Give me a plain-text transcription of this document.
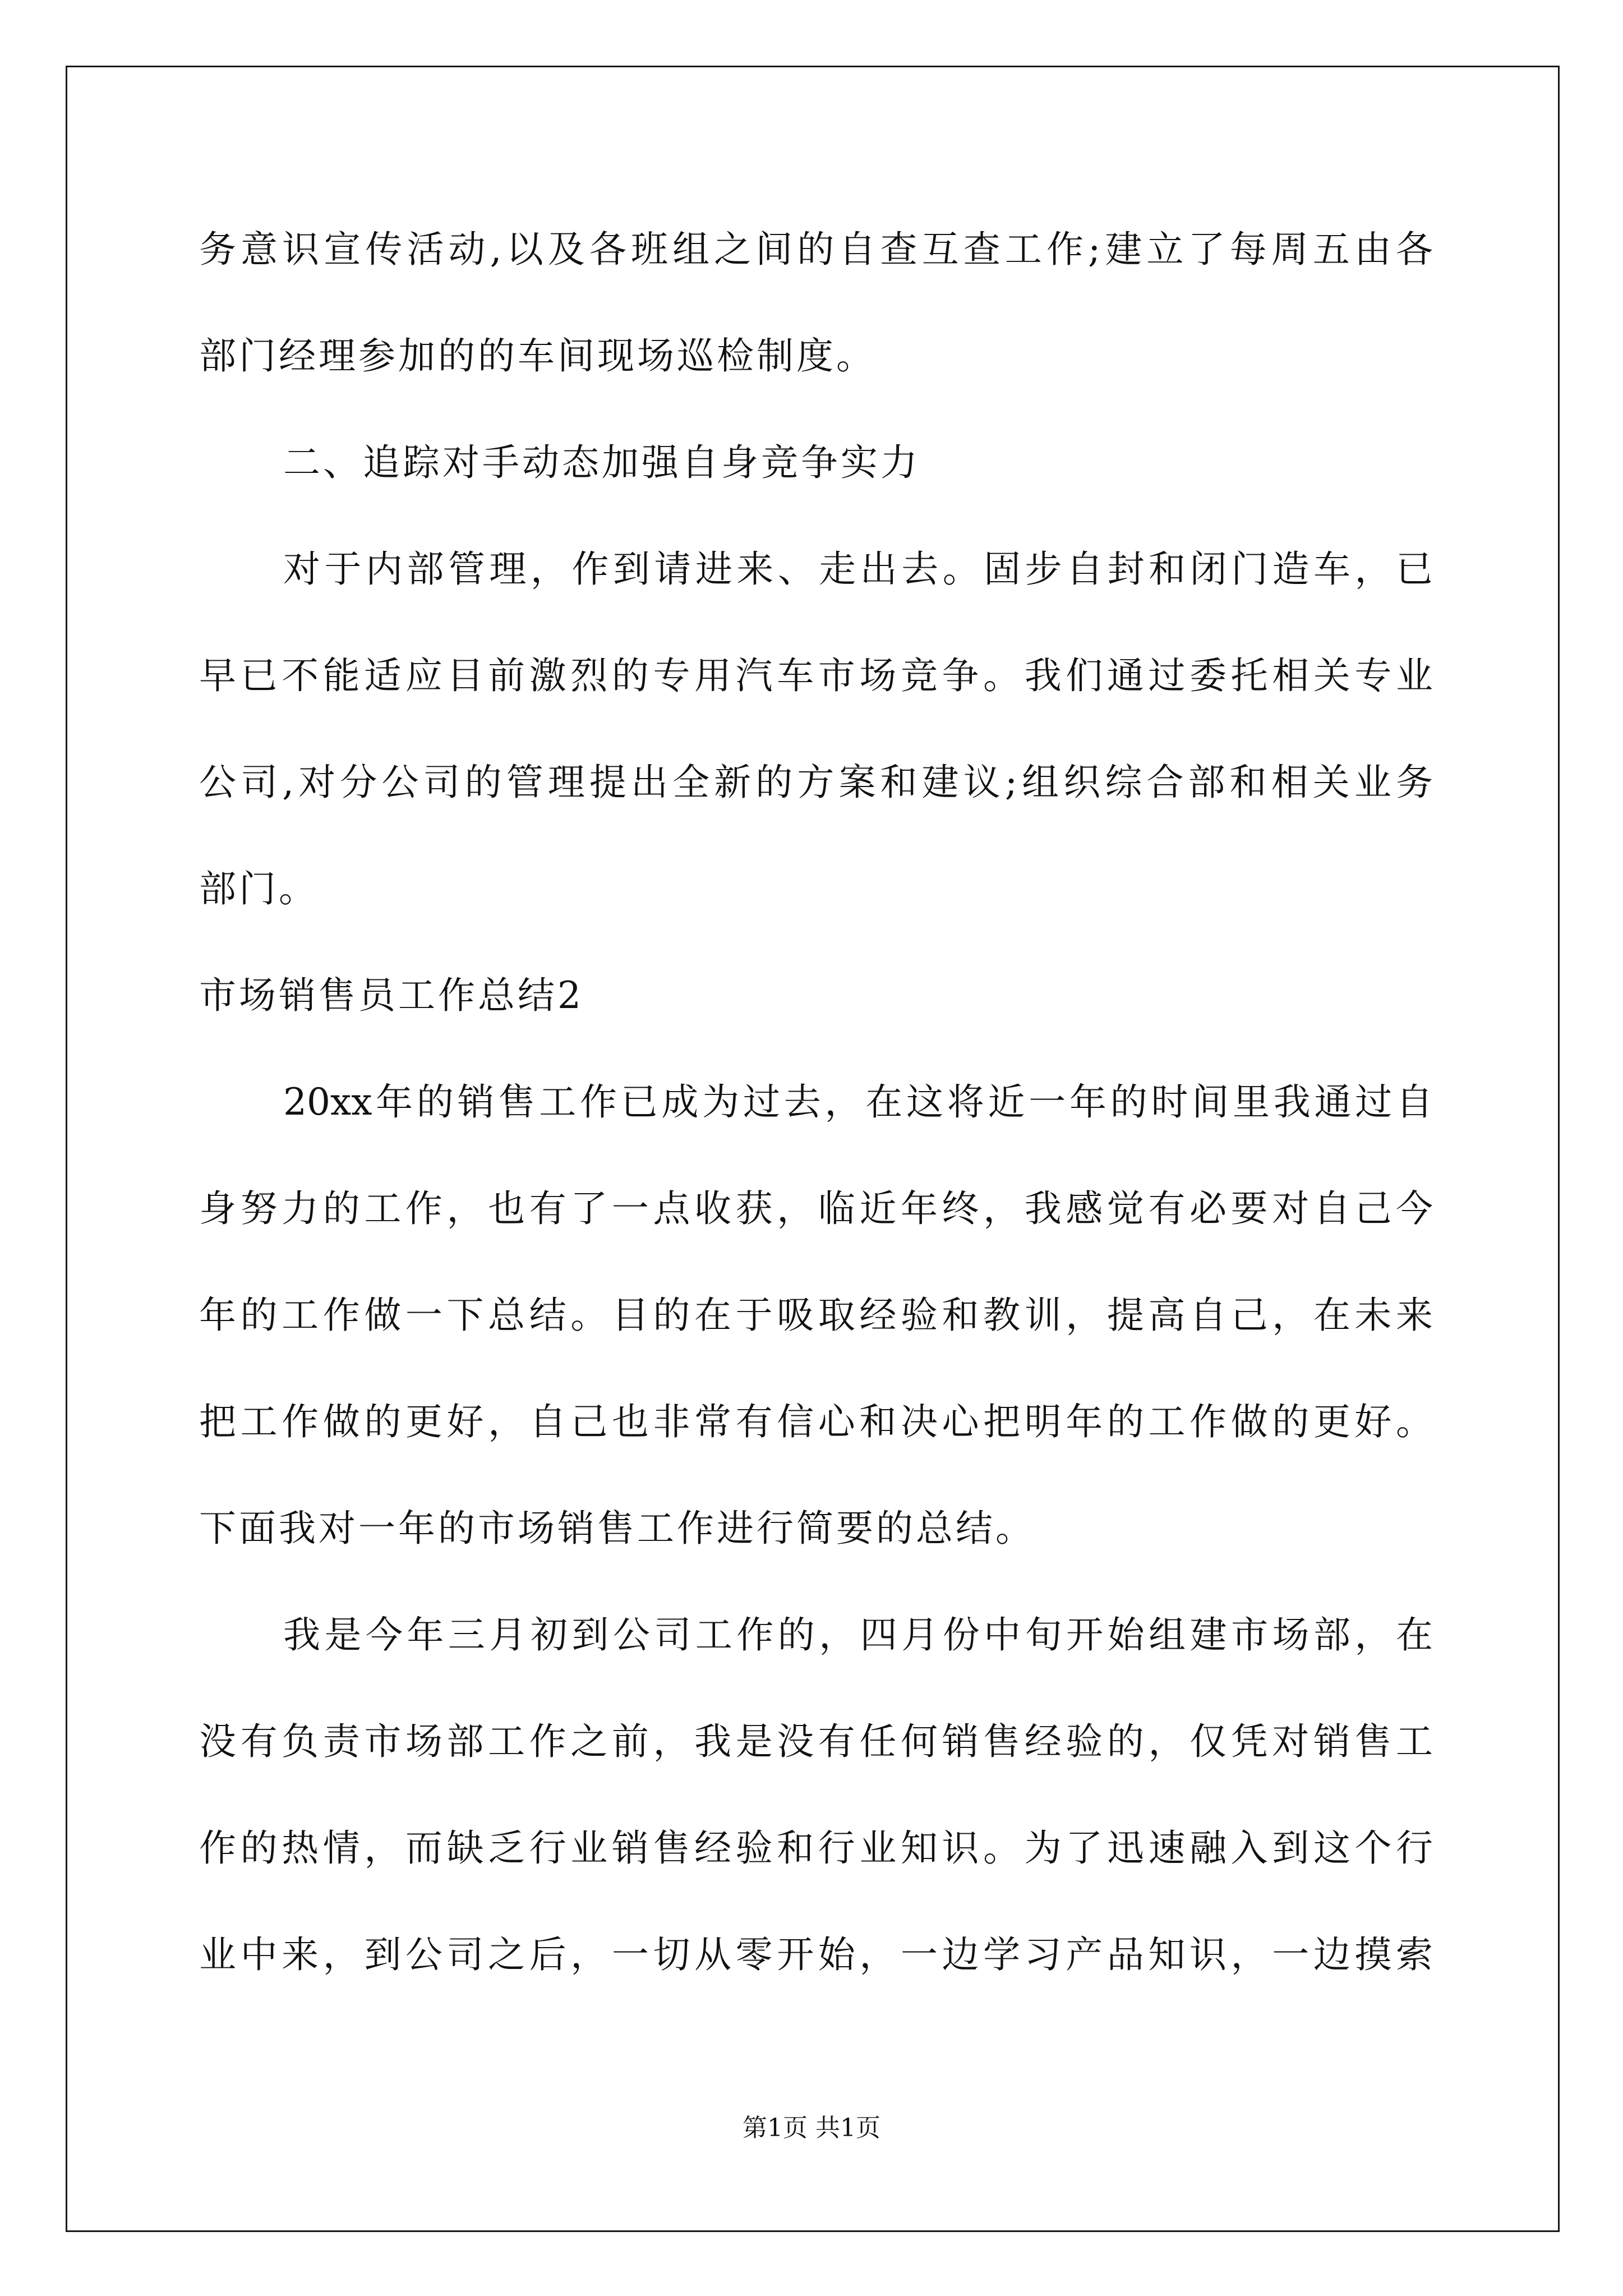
务意识宣传活动,以及各班组之间的自查互查工作;建立了每周五由各
部门经理参加的的车间现场巡检制度。
二、追踪对手动态加强自身竞争实力
对于内部管理，作到请进来、走出去。固步自封和闭门造车，已
早已不能适应目前激烈的专用汽车市场竞争。我们通过委托相关专业
公司,对分公司的管理提出全新的方案和建议;组织综合部和相关业务
部门。
市场销售员工作总结2
20xx年的销售工作已成为过去，在这将近一年的时间里我通过自
身努力的工作，也有了一点收获，临近年终，我感觉有必要对自己今
年的工作做一下总结。目的在于吸取经验和教训，提高自己，在未来
把工作做的更好，自己也非常有信心和决心把明年的工作做的更好。
下面我对一年的市场销售工作进行简要的总结。
我是今年三月初到公司工作的，四月份中旬开始组建市场部，在
没有负责市场部工作之前，我是没有任何销售经验的，仅凭对销售工
作的热情，而缺乏行业销售经验和行业知识。为了迅速融入到这个行
业中来，到公司之后，一切从零开始，一边学习产品知识，一边摸索
第1页 共1页
